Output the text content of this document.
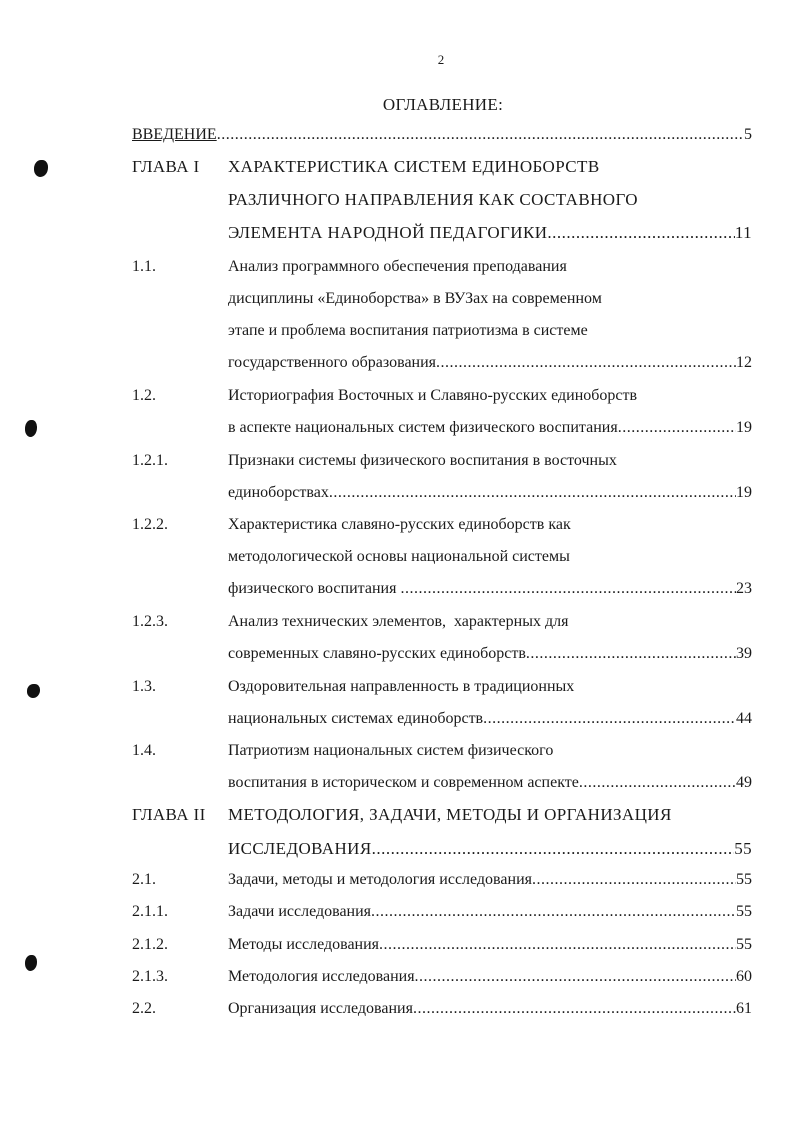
2
ОГЛАВЛЕНИЕ:
ВВЕДЕНИЕ .....	5
ГЛАВА I ХАРАКТЕРИСТИКА СИСТЕМ ЕДИНОБОРСТВ
РАЗЛИЧНОГО НАПРАВЛЕНИЯ КАК СОСТАВНОГО
ЭЛЕМЕНТА НАРОДНОЙ ПЕДАГОГИКИ .....	11
1.1.	Анализ программного обеспечения преподавания
дисциплины «Единоборства» в ВУЗах на современном
этапе и проблема воспитания патриотизма в системе
государственного образования .....	12
1.2.	Историография Восточных и Славяно-русских единоборств
в аспекте национальных систем физического воспитания .....	19
1.2.1.	Признаки системы физического воспитания в восточных
единоборствах .....	19
1.2.2.	Характеристика славяно-русских единоборств как
методологической основы национальной системы
физического воспитания .....	23
1.2.3.	Анализ технических элементов,  характерных для
современных славяно-русских единоборств .....	39
1.3.	Оздоровительная направленность в традиционных
национальных системах единоборств .....	44
1.4.	Патриотизм национальных систем физического
воспитания в историческом и современном аспекте .....	49
ГЛАВА II МЕТОДОЛОГИЯ, ЗАДАЧИ, МЕТОДЫ И ОРГАНИЗАЦИЯ
ИССЛЕДОВАНИЯ .....	55
2.1.	Задачи, методы и методология исследования .....	55
2.1.1.	Задачи исследования .....	55
2.1.2.	Методы исследования .....	55
2.1.3.	Методология исследования .....	60
2.2.	Организация исследования .....	61
